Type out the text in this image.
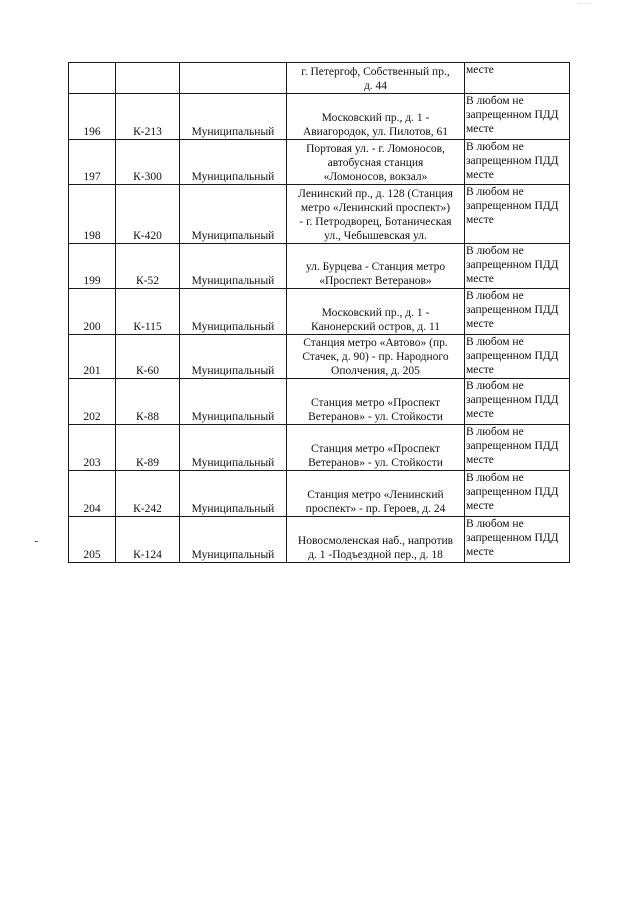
····

			г. Петергоф, Собственный пр.,
д. 44	месте

196	К-213	Муниципальный	Московский пр., д. 1 -
Авиагородок, ул. Пилотов, 61	В любом не
запрещенном ПДД
месте

197	К-300	Муниципальный	Портовая ул. - г. Ломоносов,
автобусная станция
«Ломоносов, вокзал»	В любом не
запрещенном ПДД
месте

198	К-420	Муниципальный	Ленинский пр., д. 128 (Станция
метро «Ленинский проспект»)
- г. Петродворец, Ботаническая
ул., Чебышевская ул.	В любом не
запрещенном ПДД
месте

199	К-52	Муниципальный	ул. Бурцева - Станция метро
«Проспект Ветеранов»	В любом не
запрещенном ПДД
месте

200	К-115	Муниципальный	Московский пр., д. 1 -
Канонерский остров, д. 11	В любом не
запрещенном ПДД
месте

201	К-60	Муниципальный	Станция метро «Автово» (пр.
Стачек, д. 90) - пр. Народного
Ополчения, д. 205	В любом не
запрещенном ПДД
месте

202	К-88	Муниципальный	Станция метро «Проспект
Ветеранов» - ул. Стойкости	В любом не
запрещенном ПДД
месте

203	К-89	Муниципальный	Станция метро «Проспект
Ветеранов» - ул. Стойкости	В любом не
запрещенном ПДД
месте

204	К-242	Муниципальный	Станция метро «Ленинский
проспект» - пр. Героев, д. 24	В любом не
запрещенном ПДД
месте

205	К-124	Муниципальный	Новосмоленская наб., напротив
д. 1 -Подъездной пер., д. 18	В любом не
запрещенном ПДД
месте
